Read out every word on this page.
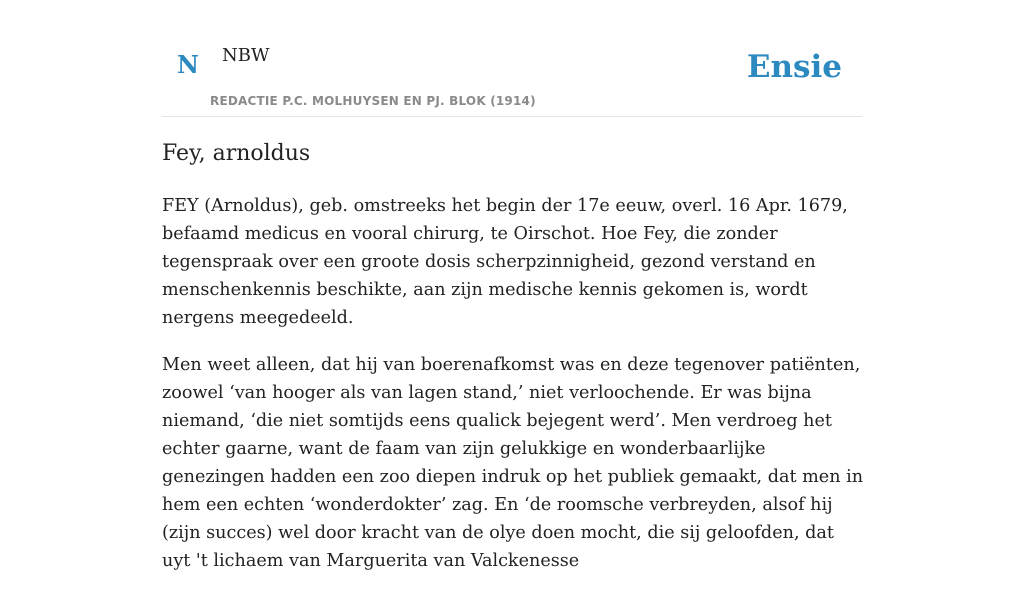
N NBW
REDACTIE P.C. MOLHUYSEN EN PJ. BLOK (1914)
Ensie
Fey, arnoldus

FEY (Arnoldus), geb. omstreeks het begin der 17e eeuw, overl. 16 Apr. 1679, befaamd medicus en vooral chirurg, te Oirschot. Hoe Fey, die zonder tegenspraak over een groote dosis scherpzinnigheid, gezond verstand en menschenkennis beschikte, aan zijn medische kennis gekomen is, wordt nergens meegedeeld.

Men weet alleen, dat hij van boerenafkomst was en deze tegenover patiënten, zoowel ‘van hooger als van lagen stand,’ niet verloochende. Er was bijna niemand, ‘die niet somtijds eens qualick bejegent werd’. Men verdroeg het echter gaarne, want de faam van zijn gelukkige en wonderbaarlijke genezingen hadden een zoo diepen indruk op het publiek gemaakt, dat men in hem een echten ‘wonderdokter’ zag. En ‘de roomsche verbreyden, alsof hij (zijn succes) wel door kracht van de olye doen mocht, die sij geloofden, dat uyt 't lichaem van Marguerita van Valckenesse
